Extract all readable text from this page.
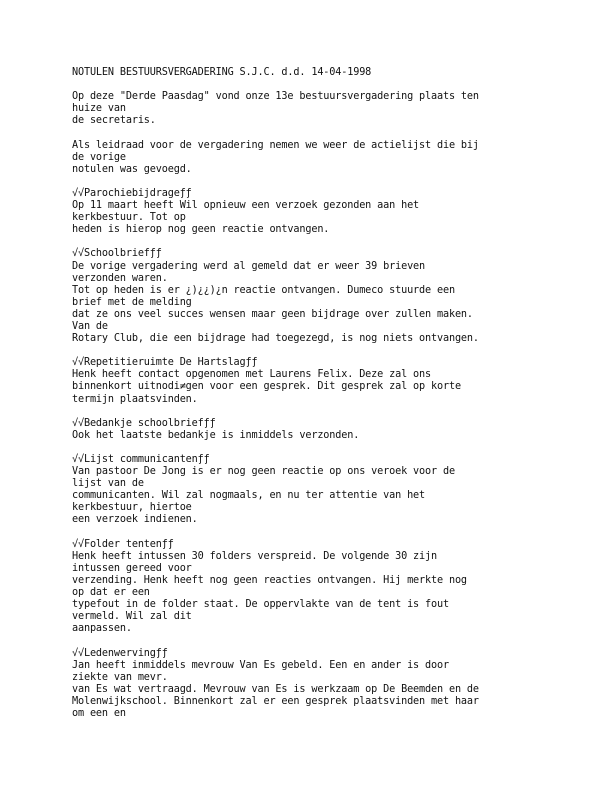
NOTULEN BESTUURSVERGADERING S.J.C. d.d. 14-04-1998
Op deze "Derde Paasdag" vond onze 13e bestuursvergadering plaats ten
huize van
de secretaris.
Als leidraad voor de vergadering nemen we weer de actielijst die bij
de vorige
notulen was gevoegd.
√√Parochiebijdrageƒƒ
Op 11 maart heeft Wil opnieuw een verzoek gezonden aan het
kerkbestuur. Tot op
heden is hierop nog geen reactie ontvangen.
√√Schoolbriefƒƒ
De vorige vergadering werd al gemeld dat er weer 39 brieven
verzonden waren.
Tot op heden is er ¿)¿¿)¿n reactie ontvangen. Dumeco stuurde een
brief met de melding
dat ze ons veel succes wensen maar geen bijdrage over zullen maken.
Van de
Rotary Club, die een bijdrage had toegezegd, is nog niets ontvangen.
√√Repetitieruimte De Hartslagƒƒ
Henk heeft contact opgenomen met Laurens Felix. Deze zal ons
binnenkort uitnodi≠gen voor een gesprek. Dit gesprek zal op korte
termijn plaatsvinden.
√√Bedankje schoolbriefƒƒ
Ook het laatste bedankje is inmiddels verzonden.
√√Lijst communicantenƒƒ
Van pastoor De Jong is er nog geen reactie op ons veroek voor de
lijst van de
communicanten. Wil zal nogmaals, en nu ter attentie van het
kerkbestuur, hiertoe
een verzoek indienen.
√√Folder tentenƒƒ
Henk heeft intussen 30 folders verspreid. De volgende 30 zijn
intussen gereed voor
verzending. Henk heeft nog geen reacties ontvangen. Hij merkte nog
op dat er een
typefout in de folder staat. De oppervlakte van de tent is fout
vermeld. Wil zal dit
aanpassen.
√√Ledenwervingƒƒ
Jan heeft inmiddels mevrouw Van Es gebeld. Een en ander is door
ziekte van mevr.
van Es wat vertraagd. Mevrouw van Es is werkzaam op De Beemden en de
Molenwijkschool. Binnenkort zal er een gesprek plaatsvinden met haar
om een en
